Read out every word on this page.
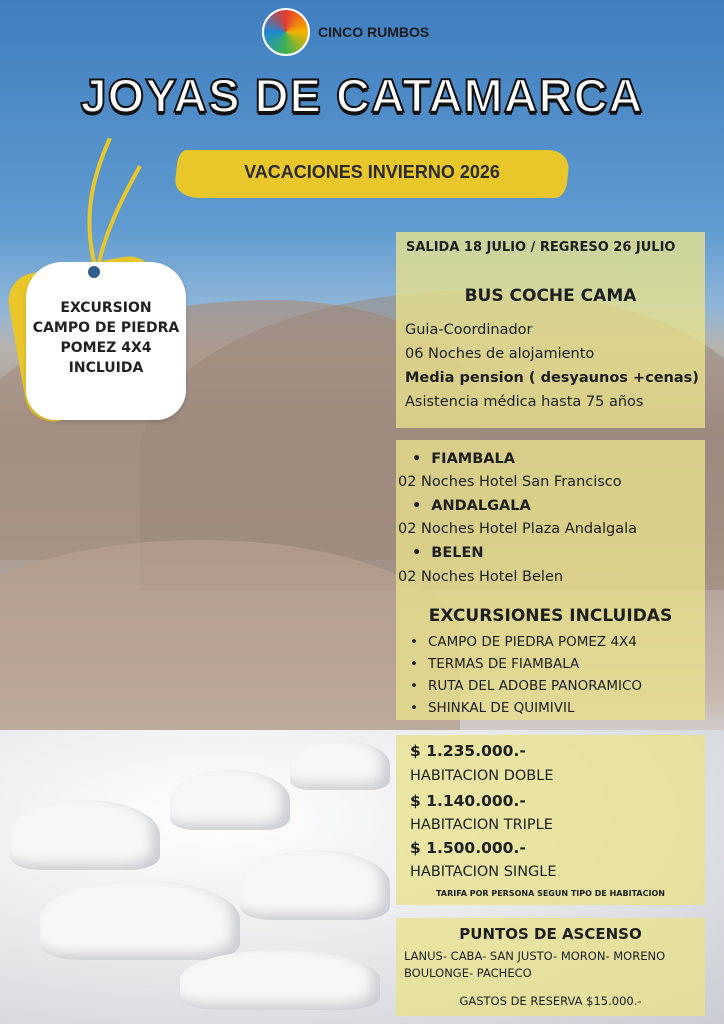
CINCO RUMBOS
JOYAS DE CATAMARCA
VACACIONES INVIERNO 2026
EXCURSION
CAMPO DE PIEDRA
POMEZ 4X4
INCLUIDA
SALIDA 18 JULIO / REGRESO 26 JULIO
BUS COCHE CAMA
Guia-Coordinador
06 Noches de alojamiento
Media pension ( desyaunos +cenas)
Asistencia médica hasta 75 años
• FIAMBALA
02 Noches Hotel San Francisco
• ANDALGALA
02 Noches Hotel Plaza Andalgala
• BELEN
02 Noches Hotel Belen
EXCURSIONES INCLUIDAS
• CAMPO DE PIEDRA POMEZ 4X4
• TERMAS DE FIAMBALA
• RUTA DEL ADOBE PANORAMICO
• SHINKAL DE QUIMIVIL
$ 1.235.000.-
HABITACION DOBLE
$ 1.140.000.-
HABITACION TRIPLE
$ 1.500.000.-
HABITACION SINGLE
TARIFA POR PERSONA SEGUN TIPO DE HABITACION
PUNTOS DE ASCENSO
LANUS- CABA- SAN JUSTO- MORON- MORENO
BOULONGE- PACHECO
GASTOS DE RESERVA $15.000.-
